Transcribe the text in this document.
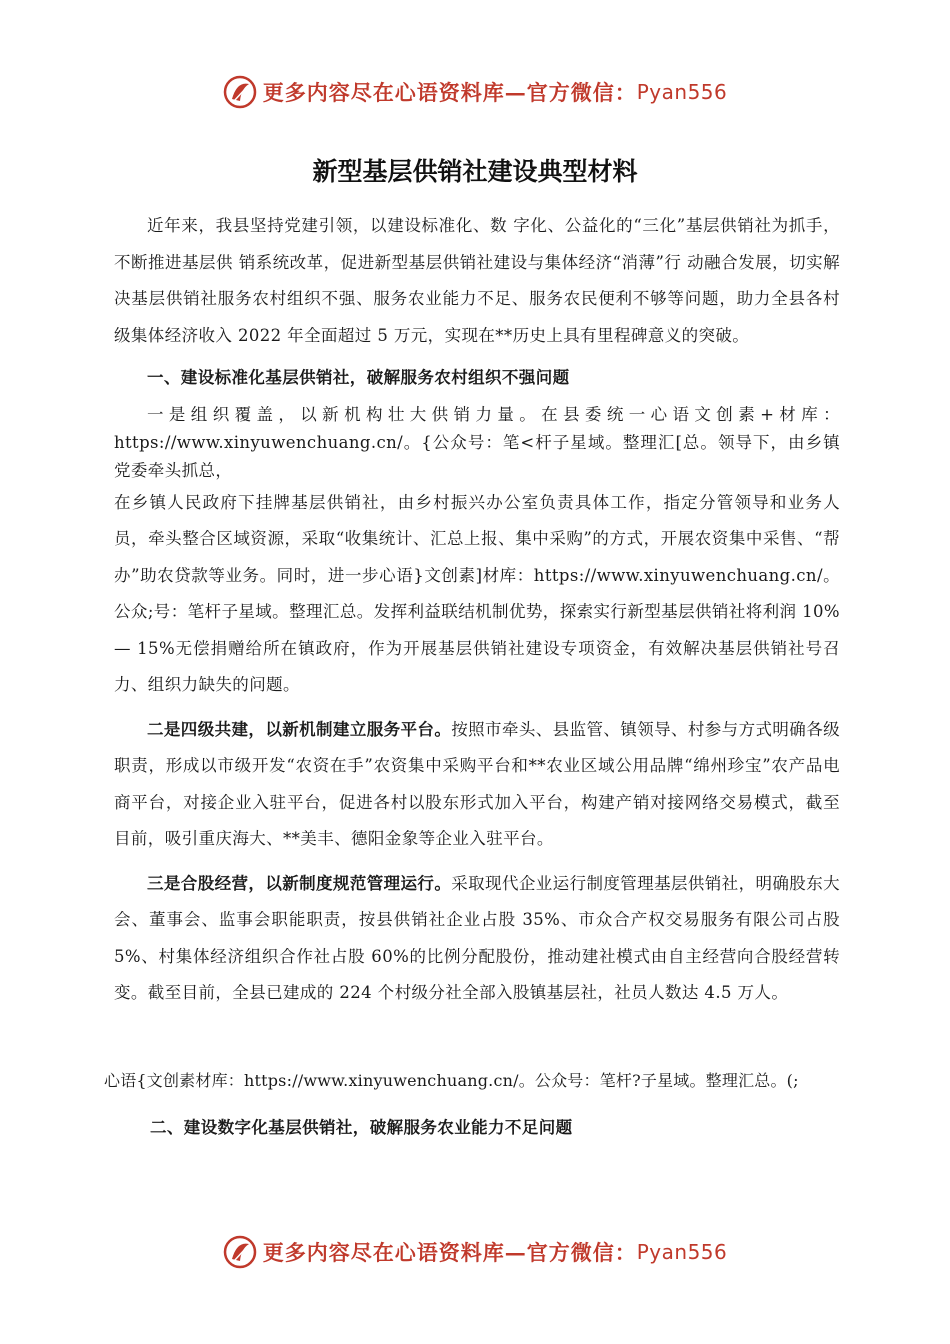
更多内容尽在心语资料库—官方微信： Pyan556
新型基层供销社建设典型材料

近年来，我县坚持党建引领，以建设标准化、数 字化、公益化的“三化”基层供销社为抓手，不断推进基层供 销系统改革，促进新型基层供销社建设与集体经济“消薄”行 动融合发展，切实解决基层供销社服务农村组织不强、服务农业能力不足、服务农民便利不够等问题，助力全县各村级集体经济收入 2022 年全面超过 5 万元，实现在**历史上具有里程碑意义的突破。

一、建设标准化基层供销社，破解服务农村组织不强问题

一是组织覆盖，以新机构壮大供销力量。在县委统一心语文创素+材库：https://www.xinyuwenchuang.cn/。{公众号：笔<杆子星域。整理汇[总。领导下，由乡镇党委牵头抓总，

在乡镇人民政府下挂牌基层供销社，由乡村振兴办公室负责具体工作，指定分管领导和业务人员，牵头整合区域资源，采取“收集统计、汇总上报、集中采购”的方式，开展农资集中采售、“帮办”助农贷款等业务。同时，进一步心语}文创素]材库：https://www.xinyuwenchuang.cn/。公众;号：笔杆子星域。整理汇总。发挥利益联结机制优势，探索实行新型基层供销社将利润 10%— 15%无偿捐赠给所在镇政府，作为开展基层供销社建设专项资金，有效解决基层供销社号召力、组织力缺失的问题。

二是四级共建，以新机制建立服务平台。按照市牵头、县监管、镇领导、村参与方式明确各级职责，形成以市级开发“农资在手”农资集中采购平台和**农业区域公用品牌“绵州珍宝”农产品电商平台，对接企业入驻平台，促进各村以股东形式加入平台，构建产销对接网络交易模式，截至目前，吸引重庆海大、**美丰、德阳金象等企业入驻平台。

三是合股经营，以新制度规范管理运行。采取现代企业运行制度管理基层供销社，明确股东大会、董事会、监事会职能职责，按县供销社企业占股 35%、市众合产权交易服务有限公司占股 5%、村集体经济组织合作社占股 60%的比例分配股份，推动建社模式由自主经营向合股经营转变。截至目前，全县已建成的 224 个村级分社全部入股镇基层社，社员人数达 4.5 万人。

心语{文创素材库：https://www.xinyuwenchuang.cn/。公众号：笔杆?子星域。整理汇总。(;

二、建设数字化基层供销社，破解服务农业能力不足问题

更多内容尽在心语资料库—官方微信： Pyan556
